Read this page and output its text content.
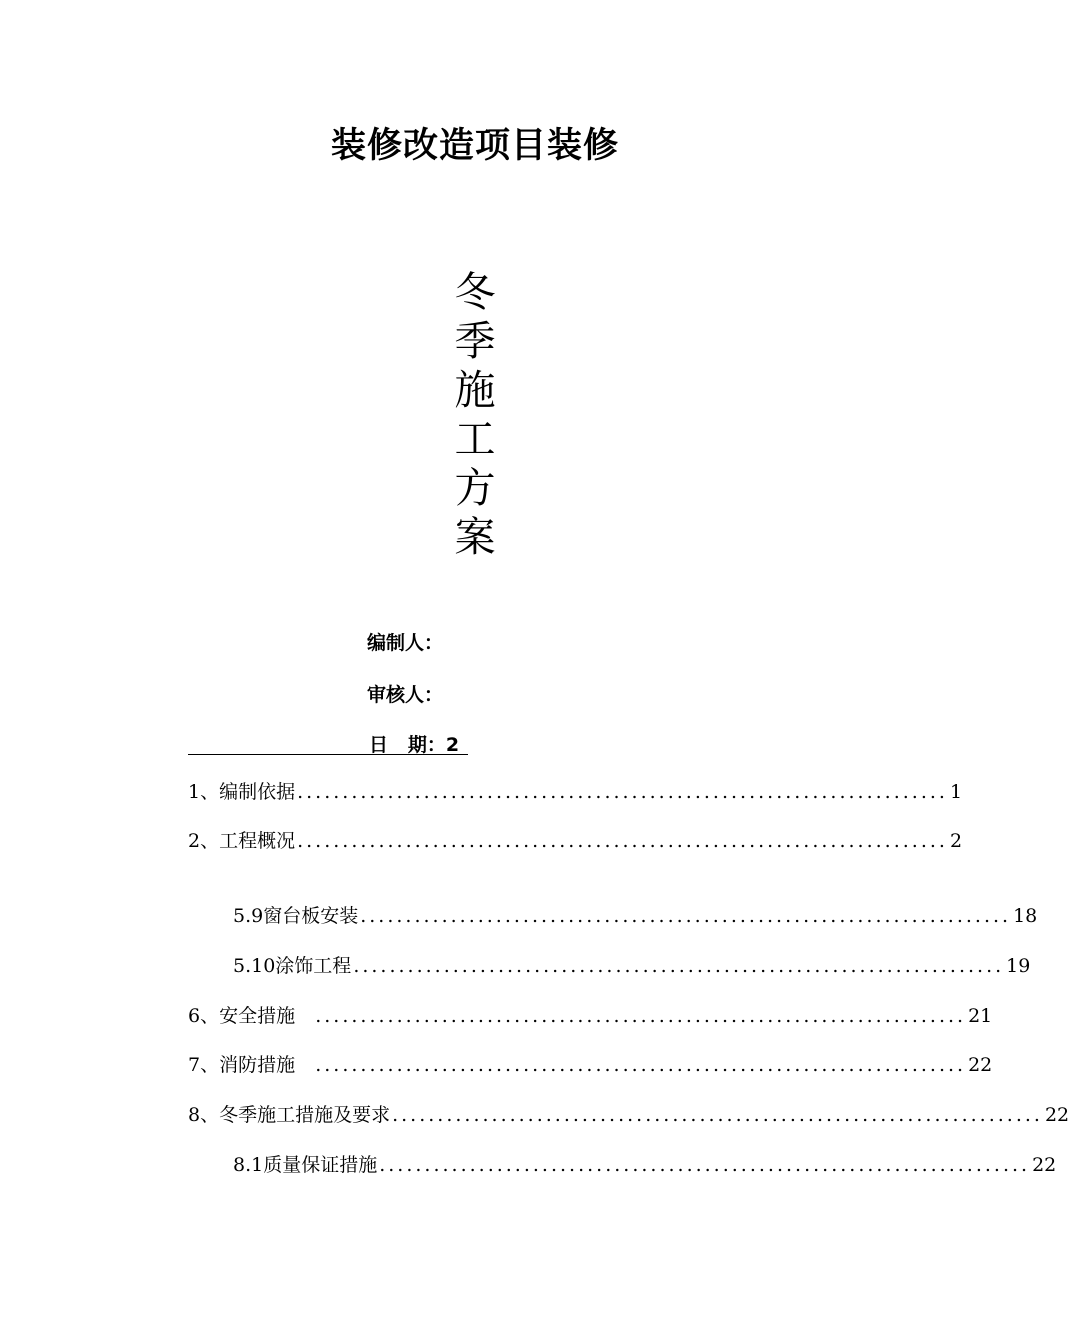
装修改造项目装修
冬季施工方案
编制人：
审核人：
日   期：2
1、编制依据 ........................................................................ 1
2、工程概况 ........................................................................ 2
5.9窗台板安装 ........................................................................ 18
5.10涂饰工程 ........................................................................ 19
6、安全措施 ........................................................................ 21
7、消防措施 ........................................................................ 22
8、冬季施工措施及要求 ........................................................................ 22
8.1质量保证措施 ........................................................................ 22
